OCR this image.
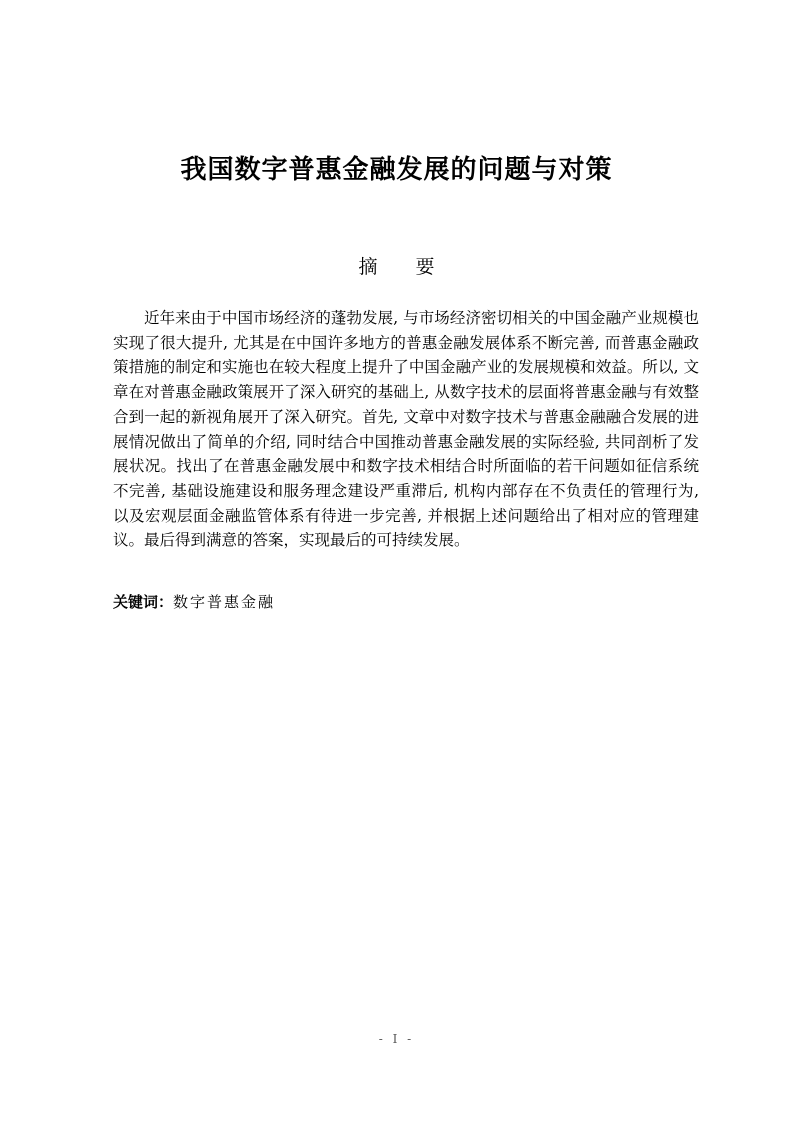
我国数字普惠金融发展的问题与对策
摘要

近年来由于中国市场经济的蓬勃发展, 与市场经济密切相关的中国金融产业规模也实现了很大提升, 尤其是在中国许多地方的普惠金融发展体系不断完善, 而普惠金融政策措施的制定和实施也在较大程度上提升了中国金融产业的发展规模和效益。所以, 文章在对普惠金融政策展开了深入研究的基础上, 从数字技术的层面将普惠金融与有效整合到一起的新视角展开了深入研究。首先, 文章中对数字技术与普惠金融融合发展的进展情况做出了简单的介绍, 同时结合中国推动普惠金融发展的实际经验, 共同剖析了发展状况。找出了在普惠金融发展中和数字技术相结合时所面临的若干问题如征信系统不完善, 基础设施建设和服务理念建设严重滞后, 机构内部存在不负责任的管理行为, 以及宏观层面金融监管体系有待进一步完善, 并根据上述问题给出了相对应的管理建议。最后得到满意的答案，实现最后的可持续发展。

关键词：数字普惠金融
- I -
